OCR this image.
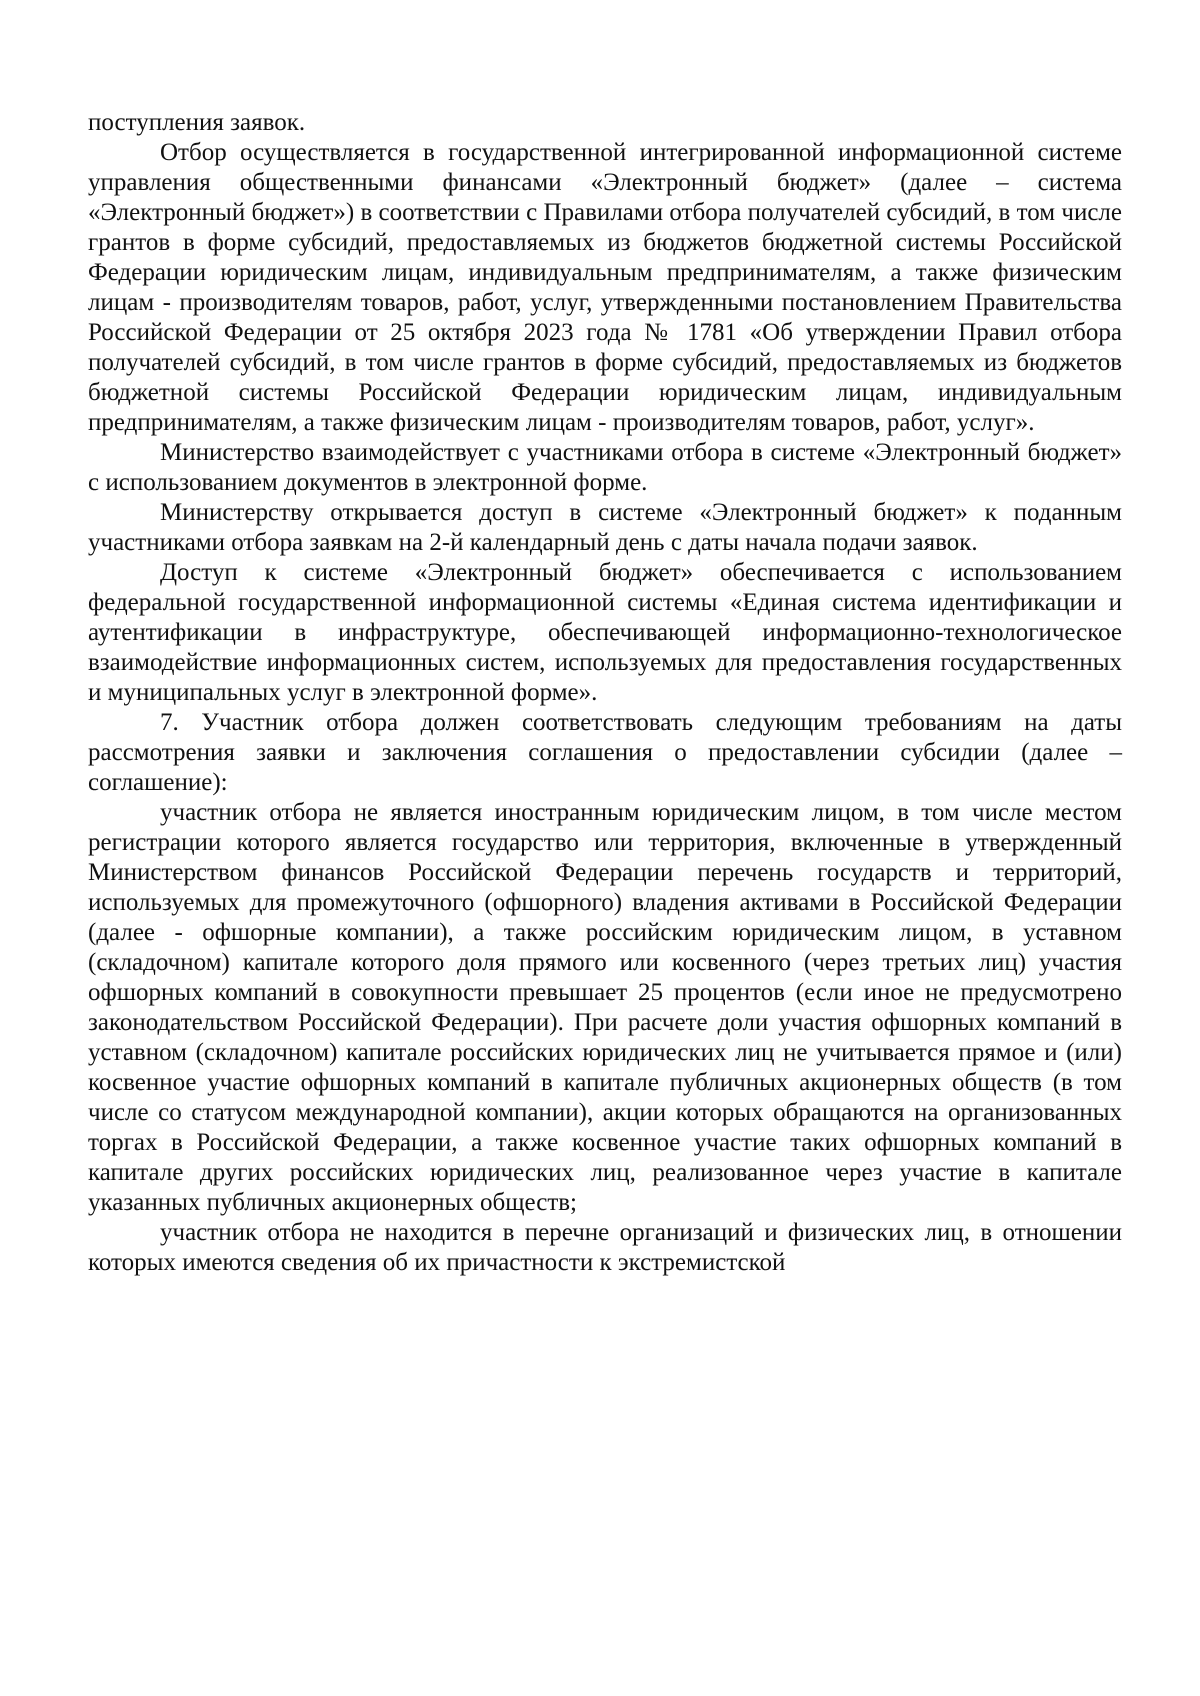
поступления заявок.

Отбор осуществляется в государственной интегрированной информационной системе управления общественными финансами «Электронный бюджет» (далее – система «Электронный бюджет») в соответствии с Правилами отбора получателей субсидий, в том числе грантов в форме субсидий, предоставляемых из бюджетов бюджетной системы Российской Федерации юридическим лицам, индивидуальным предпринимателям, а также физическим лицам - производителям товаров, работ, услуг, утвержденными постановлением Правительства Российской Федерации от 25 октября 2023 года № 1781 «Об утверждении Правил отбора получателей субсидий, в том числе грантов в форме субсидий, предоставляемых из бюджетов бюджетной системы Российской Федерации юридическим лицам, индивидуальным предпринимателям, а также физическим лицам - производителям товаров, работ, услуг».

Министерство взаимодействует с участниками отбора в системе «Электронный бюджет» с использованием документов в электронной форме.

Министерству открывается доступ в системе «Электронный бюджет» к поданным участниками отбора заявкам на 2-й календарный день с даты начала подачи заявок.

Доступ к системе «Электронный бюджет» обеспечивается с использованием федеральной государственной информационной системы «Единая система идентификации и аутентификации в инфраструктуре, обеспечивающей информационно-технологическое взаимодействие информационных систем, используемых для предоставления государственных и муниципальных услуг в электронной форме».

7. Участник отбора должен соответствовать следующим требованиям на даты рассмотрения заявки и заключения соглашения о предоставлении субсидии (далее – соглашение):

участник отбора не является иностранным юридическим лицом, в том числе местом регистрации которого является государство или территория, включенные в утвержденный Министерством финансов Российской Федерации перечень государств и территорий, используемых для промежуточного (офшорного) владения активами в Российской Федерации (далее - офшорные компании), а также российским юридическим лицом, в уставном (складочном) капитале которого доля прямого или косвенного (через третьих лиц) участия офшорных компаний в совокупности превышает 25 процентов (если иное не предусмотрено законодательством Российской Федерации). При расчете доли участия офшорных компаний в уставном (складочном) капитале российских юридических лиц не учитывается прямое и (или) косвенное участие офшорных компаний в капитале публичных акционерных обществ (в том числе со статусом международной компании), акции которых обращаются на организованных торгах в Российской Федерации, а также косвенное участие таких офшорных компаний в капитале других российских юридических лиц, реализованное через участие в капитале указанных публичных акционерных обществ;

участник отбора не находится в перечне организаций и физических лиц, в отношении которых имеются сведения об их причастности к экстремистской
